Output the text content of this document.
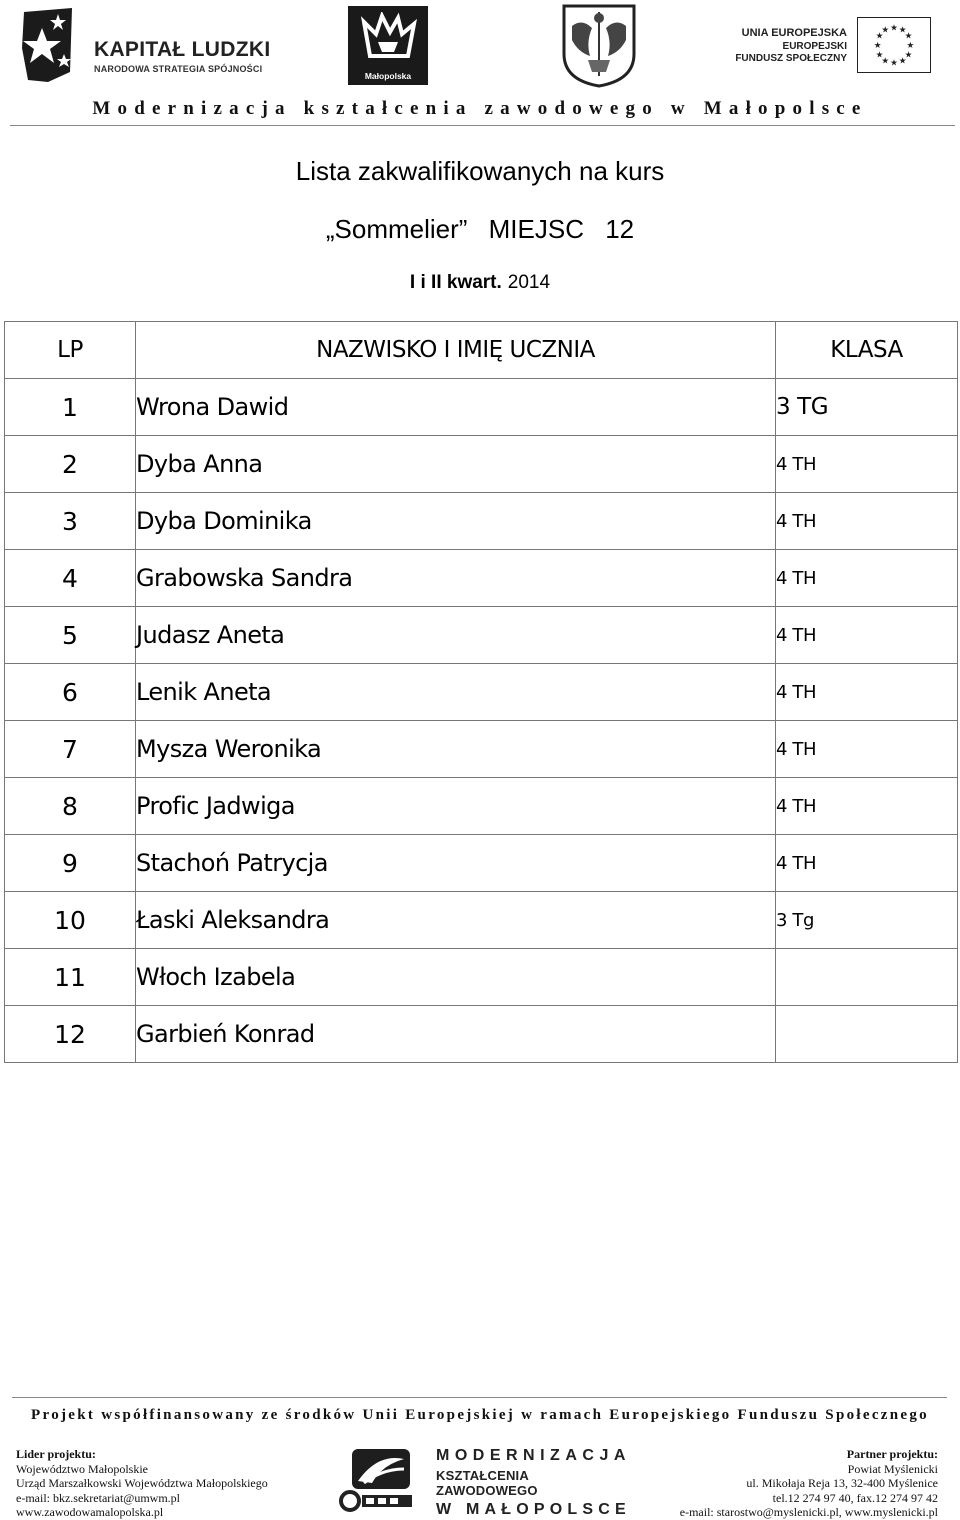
KAPITAŁ LUDZKI
NARODOWA STRATEGIA SPÓJNOŚCI
Małopolska
UNIA EUROPEJSKA
EUROPEJSKI
FUNDUSZ SPOŁECZNY
★ ★
★
★
★
★
★
★
★
★
★
★
Modernizacja kształcenia zawodowego w Małopolsce
Lista zakwalifikowanych na kurs
„Sommelier” MIEJSC 12
I i II kwart. 2014
LP	NAZWISKO I IMIĘ UCZNIA	KLASA
1	Wrona Dawid	3 TG
2	Dyba Anna	4 TH
3	Dyba Dominika	4 TH
4	Grabowska Sandra	4 TH
5	Judasz Aneta	4 TH
6	Lenik Aneta	4 TH
7	Mysza Weronika	4 TH
8	Profic Jadwiga	4 TH
9	Stachoń Patrycja	4 TH
10	Łaski Aleksandra	3 Tg
11	Włoch Izabela	
12	Garbień Konrad	
Projekt współfinansowany ze środków Unii Europejskiej w ramach Europejskiego Funduszu Społecznego
Lider projektu:
Województwo Małopolskie
Urząd Marszałkowski Województwa Małopolskiego
e-mail: bkz.sekretariat@umwm.pl
www.zawodowamalopolska.pl
MODERNIZACJA
KSZTAŁCENIA ZAWODOWEGO
W MAŁOPOLSCE
Partner projektu:
Powiat Myślenicki
ul. Mikołaja Reja 13, 32-400 Myślenice
tel.12 274 97 40, fax.12 274 97 42
e-mail: starostwo@myslenicki.pl, www.myslenicki.pl
